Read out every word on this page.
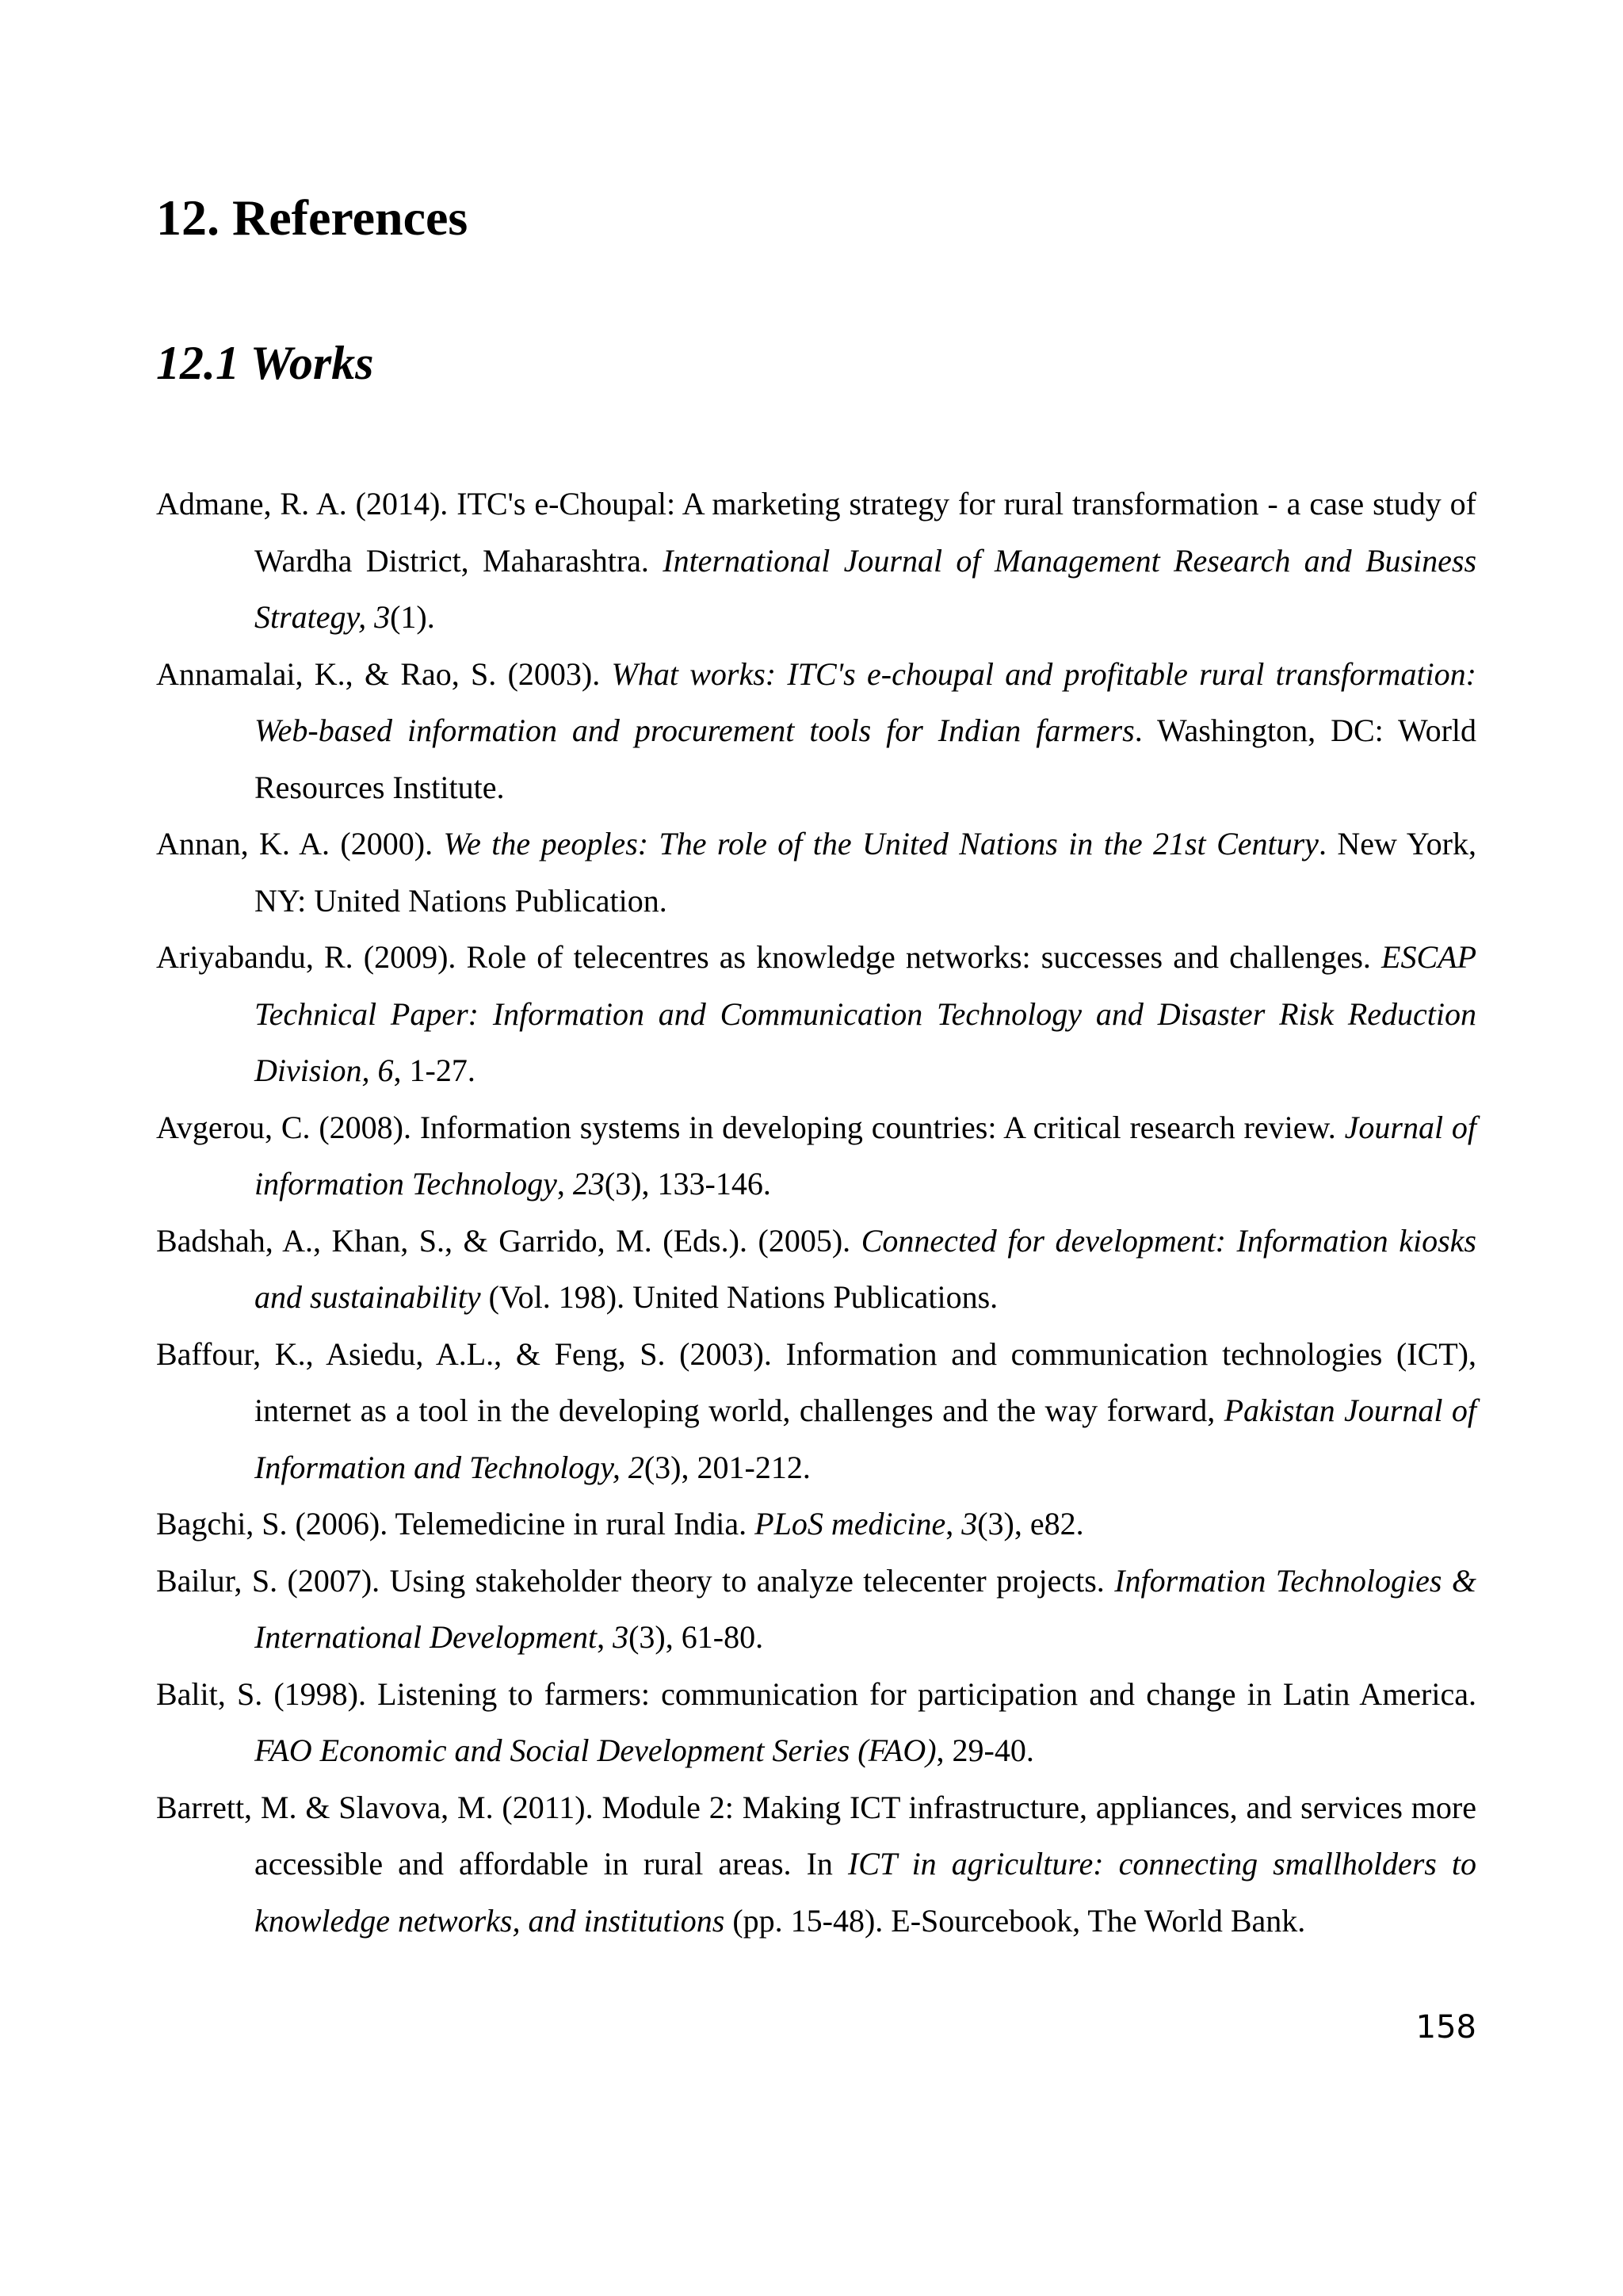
12. References
12.1 Works

Admane, R. A. (2014). ITC's e-Choupal: A marketing strategy for rural transformation - a case study of Wardha District, Maharashtra. International Journal of Management Research and Business Strategy, 3(1).

Annamalai, K., & Rao, S. (2003). What works: ITC's e-choupal and profitable rural transformation: Web-based information and procurement tools for Indian farmers. Washington, DC: World Resources Institute.

Annan, K. A. (2000). We the peoples: The role of the United Nations in the 21st Century. New York, NY: United Nations Publication.

Ariyabandu, R. (2009). Role of telecentres as knowledge networks: successes and challenges. ESCAP Technical Paper: Information and Communication Technology and Disaster Risk Reduction Division, 6, 1-27.

Avgerou, C. (2008). Information systems in developing countries: A critical research review. Journal of information Technology, 23(3), 133-146.

Badshah, A., Khan, S., & Garrido, M. (Eds.). (2005). Connected for development: Information kiosks and sustainability (Vol. 198). United Nations Publications.

Baffour, K., Asiedu, A.L., & Feng, S. (2003). Information and communication technologies (ICT), internet as a tool in the developing world, challenges and the way forward, Pakistan Journal of Information and Technology, 2(3), 201-212.

Bagchi, S. (2006). Telemedicine in rural India. PLoS medicine, 3(3), e82.

Bailur, S. (2007). Using stakeholder theory to analyze telecenter projects. Information Technologies & International Development, 3(3), 61-80.

Balit, S. (1998). Listening to farmers: communication for participation and change in Latin America. FAO Economic and Social Development Series (FAO), 29-40.

Barrett, M. & Slavova, M. (2011). Module 2: Making ICT infrastructure, appliances, and services more accessible and affordable in rural areas. In ICT in agriculture: connecting smallholders to knowledge networks, and institutions (pp. 15-48). E-Sourcebook, The World Bank.

158
